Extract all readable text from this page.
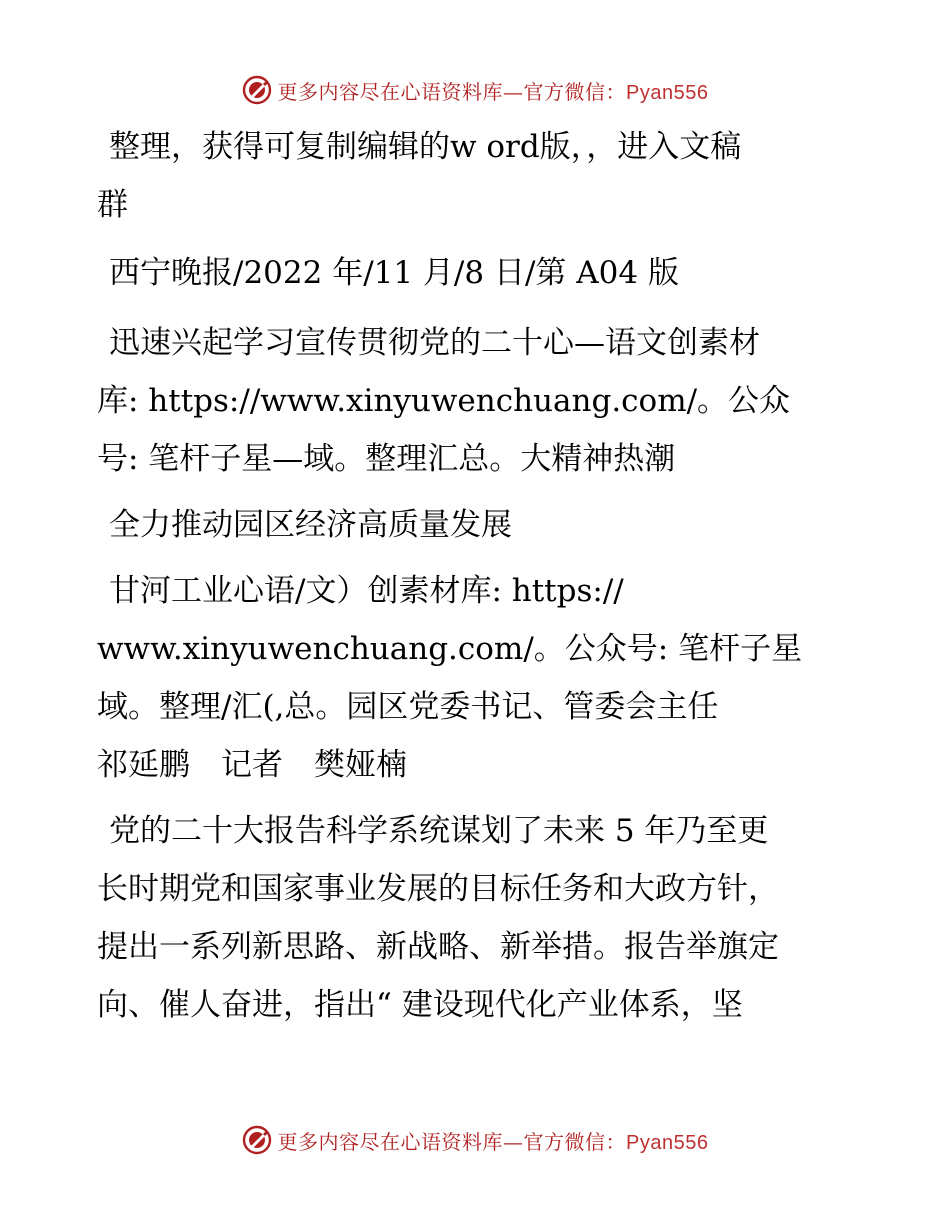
更多内容尽在心语资料库—官方微信：Pyan556
整理，获得可复制编辑的w ord版，，进入文稿
群
西宁晚报/2022 年/11 月/8 日/第 A04 版
迅速兴起学习宣传贯彻党的二十心—语文创素材
库: https://www.xinyuwenchuang.com/。公众
号: 笔杆子星—域。整理汇总。大精神热潮
全力推动园区经济高质量发展
甘河工业心语/文）创素材库: https://
www.xinyuwenchuang.com/。公众号: 笔杆子星
域。整理/汇(,总。园区党委书记、管委会主任
祁延鹏　记者　樊娅楠
党的二十大报告科学系统谋划了未来 5 年乃至更
长时期党和国家事业发展的目标任务和大政方针，
提出一系列新思路、新战略、新举措。报告举旗定
向、催人奋进，指出“ 建设现代化产业体系，坚
更多内容尽在心语资料库—官方微信：Pyan556
